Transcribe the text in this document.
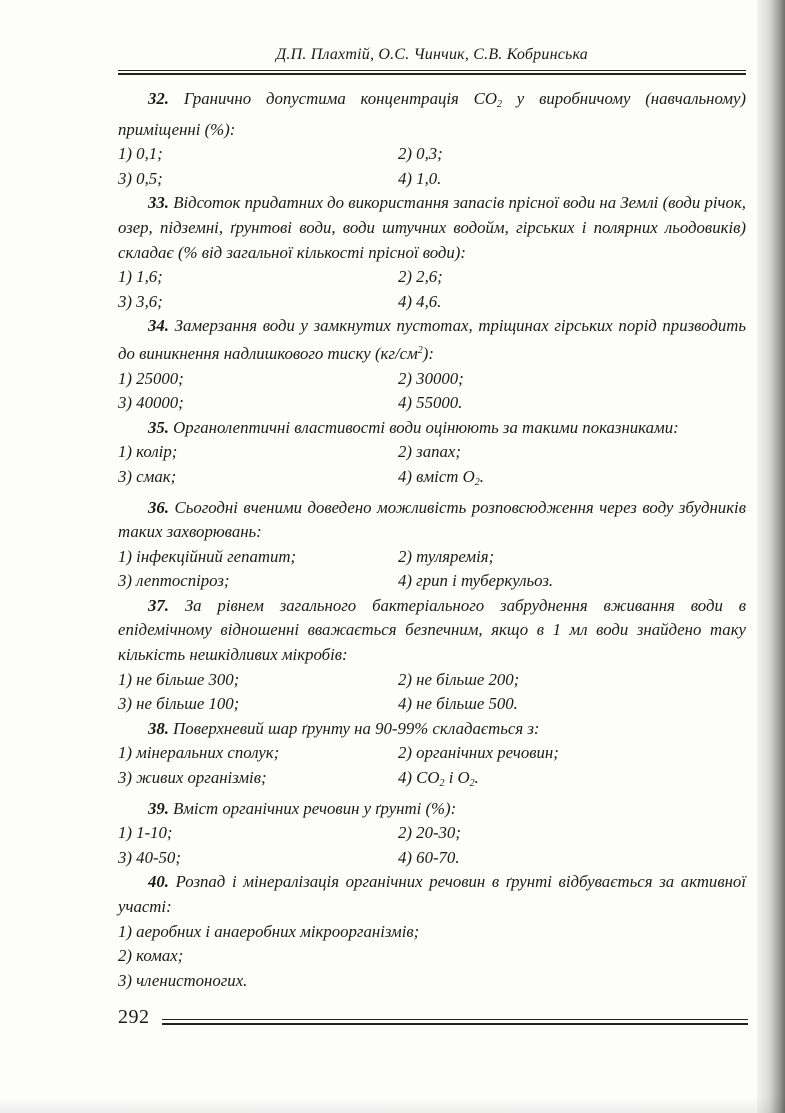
Д.П. Плахтій, О.С. Чинчик, С.В. Кобринська

32. Гранично допустима концентрація $CO_2$ у виробничому (навчальному) приміщенні (%):

1) 0,1;	2) 0,3;
3) 0,5;	4) 1,0.

33. Відсоток придатних до використання запасів прісної води на Землі (води річок, озер, підземні, ґрунтові води, води штучних водойм, гірських і полярних льодовиків) складає (% від загальної кількості прісної води):

1) 1,6;	2) 2,6;
3) 3,6;	4) 4,6.

34. Замерзання води у замкнутих пустотах, тріщинах гірських порід призводить до виникнення надлишкового тиску $(кг/см^2)$:

1) 25000;	2) 30000;
3) 40000;	4) 55000.

35. Органолептичні властивості води оцінюють за такими показниками:

1) колір;	2) запах;
3) смак;	4) вміст $O_2$.

36. Сьогодні вченими доведено можливість розповсюдження через воду збудників таких захворювань:

1) інфекційний гепатит;	2) туляремія;
3) лептоспіроз;	4) грип і туберкульоз.

37. За рівнем загального бактеріального забруднення вживання води в епідемічному відношенні вважається безпечним, якщо в 1 мл води знайдено таку кількість нешкідливих мікробів:

1) не більше 300;	2) не більше 200;
3) не більше 100;	4) не більше 500.

38. Поверхневий шар ґрунту на 90-99% складається з:

1) мінеральних сполук;	2) органічних речовин;
3) живих організмів;	4) $CO_2$ і $O_2$.

39. Вміст органічних речовин у ґрунті (%):

1) 1-10;	2) 20-30;
3) 40-50;	4) 60-70.

40. Розпад і мінералізація органічних речовин в ґрунті відбувається за активної участі:

1) аеробних і анаеробних мікроорганізмів;

2) комах;

3) членистоногих.

292
